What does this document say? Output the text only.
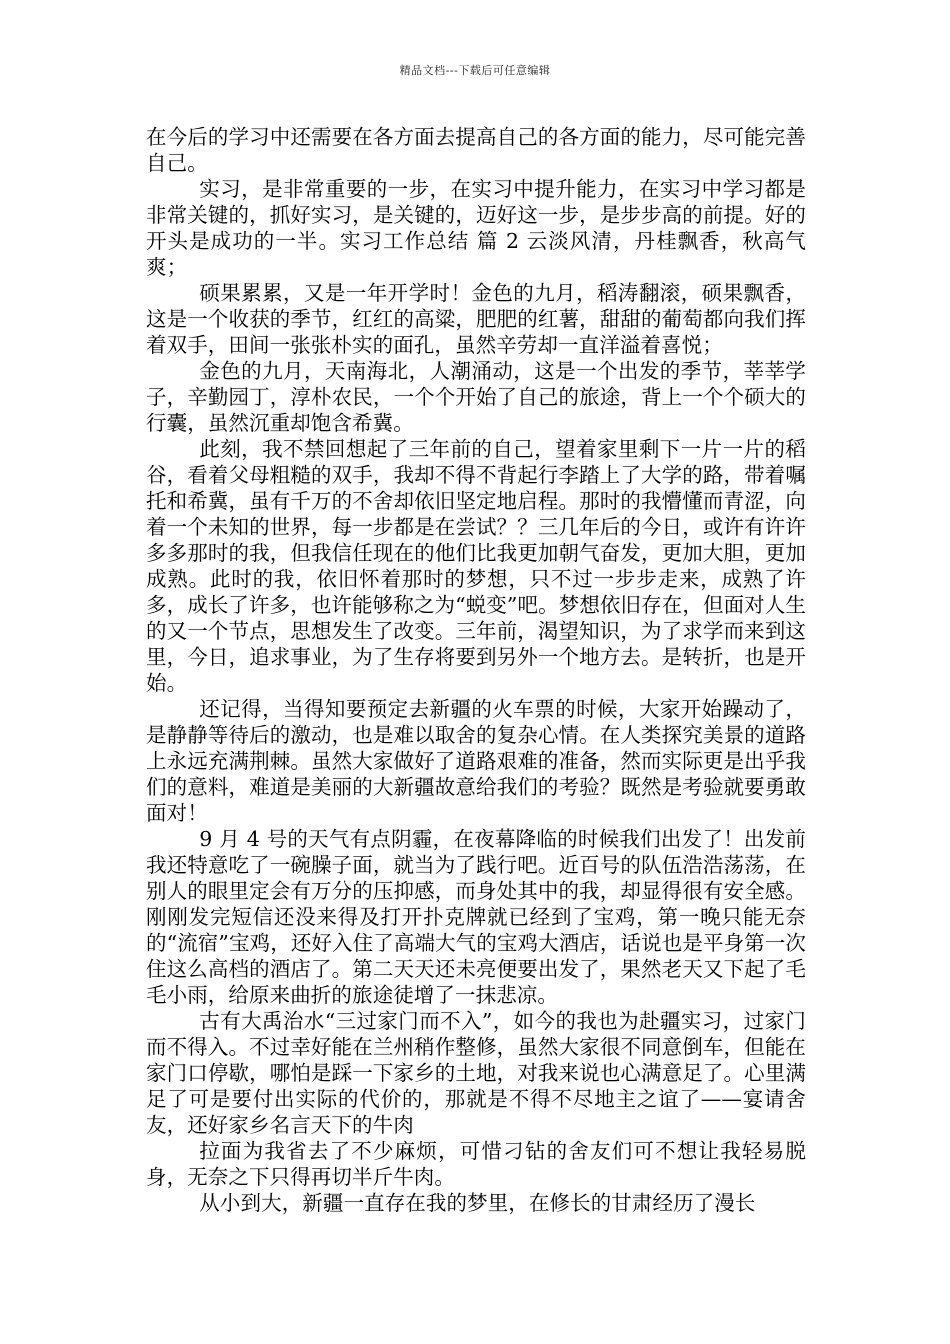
精品文档---下载后可任意编辑

在今后的学习中还需要在各方面去提高自己的各方面的能力，尽可能完善自己。

实习，是非常重要的一步，在实习中提升能力，在实习中学习都是非常关键的，抓好实习，是关键的，迈好这一步，是步步高的前提。好的开头是成功的一半。实习工作总结 篇 2 云淡风清，丹桂飘香，秋高气爽；

硕果累累，又是一年开学时！金色的九月，稻涛翻滚，硕果飘香，这是一个收获的季节，红红的高粱，肥肥的红薯，甜甜的葡萄都向我们挥着双手，田间一张张朴实的面孔，虽然辛劳却一直洋溢着喜悦；

金色的九月，天南海北，人潮涌动，这是一个出发的季节，莘莘学子，辛勤园丁，淳朴农民，一个个开始了自己的旅途，背上一个个硕大的行囊，虽然沉重却饱含希冀。

此刻，我不禁回想起了三年前的自己，望着家里剩下一片一片的稻谷，看着父母粗糙的双手，我却不得不背起行李踏上了大学的路，带着嘱托和希冀，虽有千万的不舍却依旧坚定地启程。那时的我懵懂而青涩，向着一个未知的世界，每一步都是在尝试？？三几年后的今日，或许有许许多多那时的我，但我信任现在的他们比我更加朝气奋发，更加大胆，更加成熟。此时的我，依旧怀着那时的梦想，只不过一步步走来，成熟了许多，成长了许多，也许能够称之为“蜕变”吧。梦想依旧存在，但面对人生的又一个节点，思想发生了改变。三年前，渴望知识，为了求学而来到这里，今日，追求事业，为了生存将要到另外一个地方去。是转折，也是开始。

还记得，当得知要预定去新疆的火车票的时候，大家开始躁动了，是静静等待后的激动，也是难以取舍的复杂心情。在人类探究美景的道路上永远充满荆棘。虽然大家做好了道路艰难的准备，然而实际更是出乎我们的意料，难道是美丽的大新疆故意给我们的考验？既然是考验就要勇敢面对！

9 月 4 号的天气有点阴霾，在夜幕降临的时候我们出发了！出发前我还特意吃了一碗臊子面，就当为了践行吧。近百号的队伍浩浩荡荡，在别人的眼里定会有万分的压抑感，而身处其中的我，却显得很有安全感。刚刚发完短信还没来得及打开扑克牌就已经到了宝鸡，第一晚只能无奈的“流宿”宝鸡，还好入住了高端大气的宝鸡大酒店，话说也是平身第一次住这么高档的酒店了。第二天天还未亮便要出发了，果然老天又下起了毛毛小雨，给原来曲折的旅途徒增了一抹悲凉。

古有大禹治水“三过家门而不入”，如今的我也为赴疆实习，过家门而不得入。不过幸好能在兰州稍作整修，虽然大家很不同意倒车，但能在家门口停歇，哪怕是踩一下家乡的土地，对我来说也心满意足了。心里满足了可是要付出实际的代价的，那就是不得不尽地主之谊了——宴请舍友，还好家乡名言天下的牛肉

拉面为我省去了不少麻烦，可惜刁钻的舍友们可不想让我轻易脱身，无奈之下只得再切半斤牛肉。

从小到大，新疆一直存在我的梦里，在修长的甘肃经历了漫长
